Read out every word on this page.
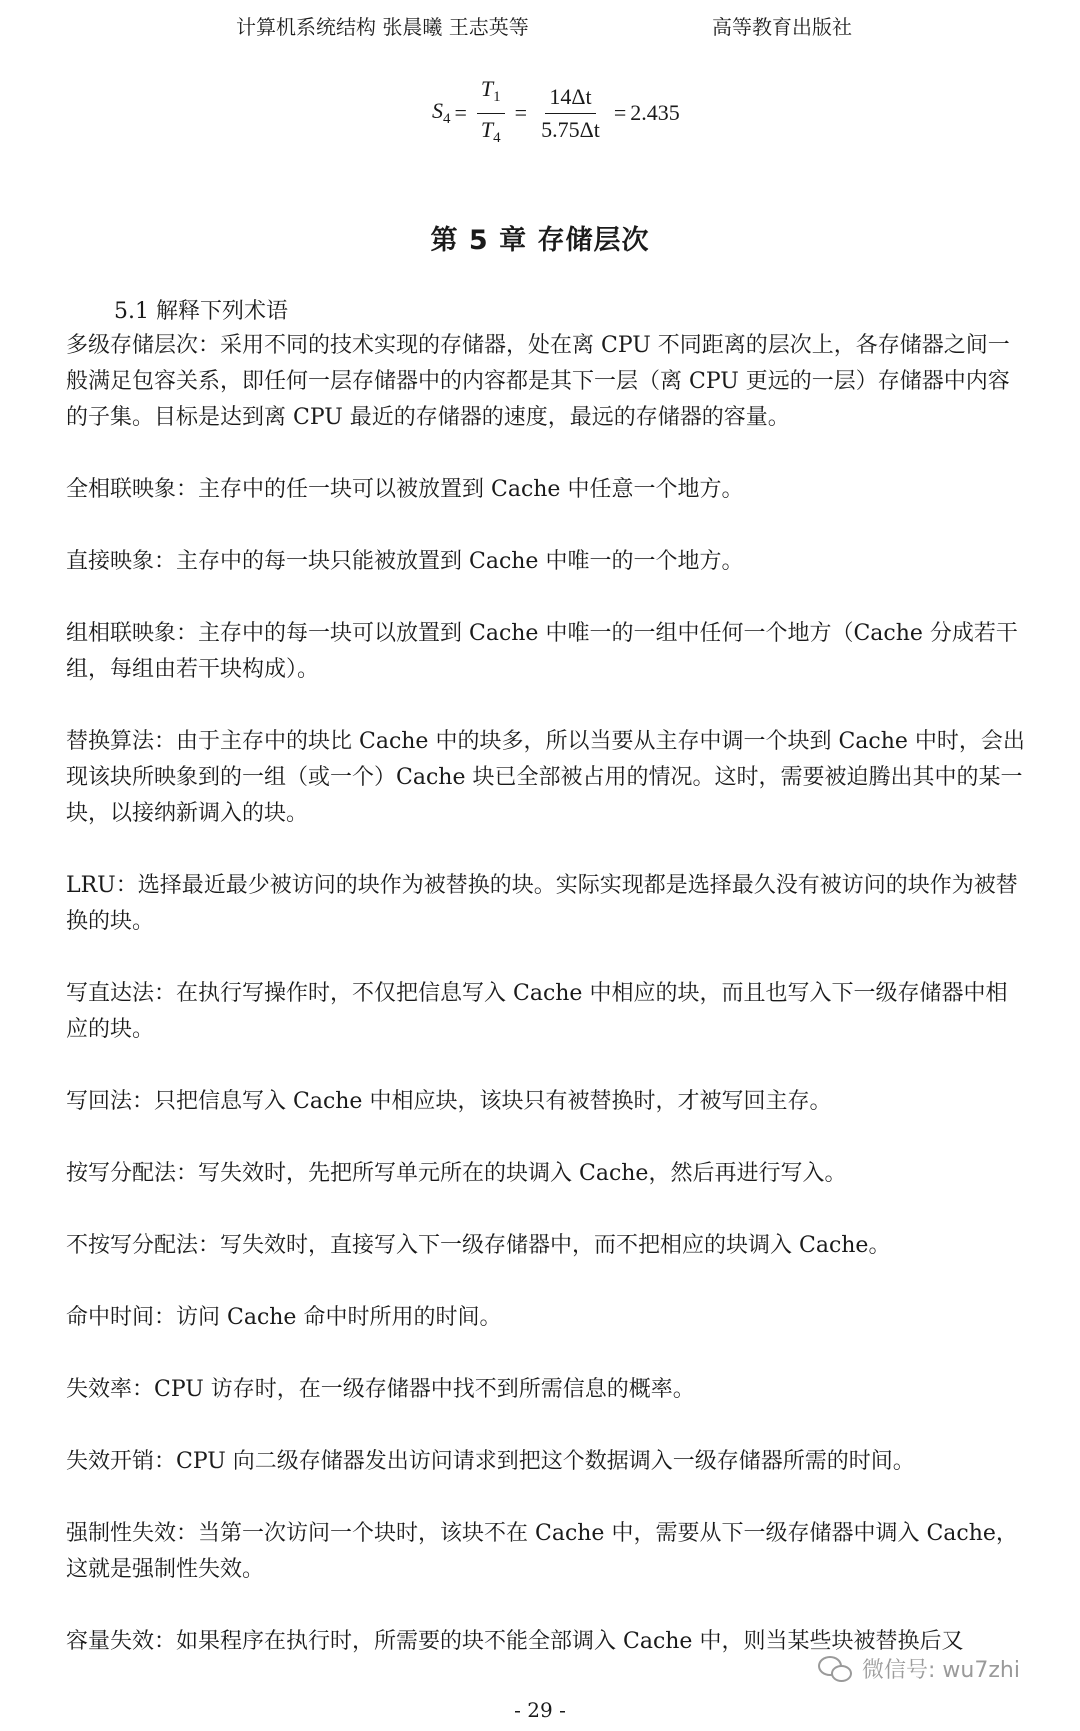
计算机系统结构 张晨曦 王志英等	高等教育出版社
$S_4 = \frac{T_1}{T_4} = \frac{14\Delta t}{5.75\Delta t} = 2.435$
第 5 章 存储层次

5.1 解释下列术语

多级存储层次：采用不同的技术实现的存储器，处在离 CPU 不同距离的层次上，各存储器之间一般满足包容关系，即任何一层存储器中的内容都是其下一层（离 CPU 更远的一层）存储器中内容的子集。目标是达到离 CPU 最近的存储器的速度，最远的存储器的容量。

全相联映象：主存中的任一块可以被放置到 Cache 中任意一个地方。

直接映象：主存中的每一块只能被放置到 Cache 中唯一的一个地方。

组相联映象：主存中的每一块可以放置到 Cache 中唯一的一组中任何一个地方（Cache 分成若干组，每组由若干块构成）。

替换算法：由于主存中的块比 Cache 中的块多，所以当要从主存中调一个块到 Cache 中时，会出现该块所映象到的一组（或一个）Cache 块已全部被占用的情况。这时，需要被迫腾出其中的某一块，以接纳新调入的块。

LRU：选择最近最少被访问的块作为被替换的块。实际实现都是选择最久没有被访问的块作为被替换的块。

写直达法：在执行写操作时，不仅把信息写入 Cache 中相应的块，而且也写入下一级存储器中相应的块。

写回法：只把信息写入 Cache 中相应块，该块只有被替换时，才被写回主存。

按写分配法：写失效时，先把所写单元所在的块调入 Cache，然后再进行写入。

不按写分配法：写失效时，直接写入下一级存储器中，而不把相应的块调入 Cache。

命中时间：访问 Cache 命中时所用的时间。

失效率：CPU 访存时，在一级存储器中找不到所需信息的概率。

失效开销：CPU 向二级存储器发出访问请求到把这个数据调入一级存储器所需的时间。

强制性失效：当第一次访问一个块时，该块不在 Cache 中，需要从下一级存储器中调入 Cache，这就是强制性失效。

容量失效：如果程序在执行时，所需要的块不能全部调入 Cache 中，则当某些块被替换后又

微信号: wu7zhi
- 29 -
